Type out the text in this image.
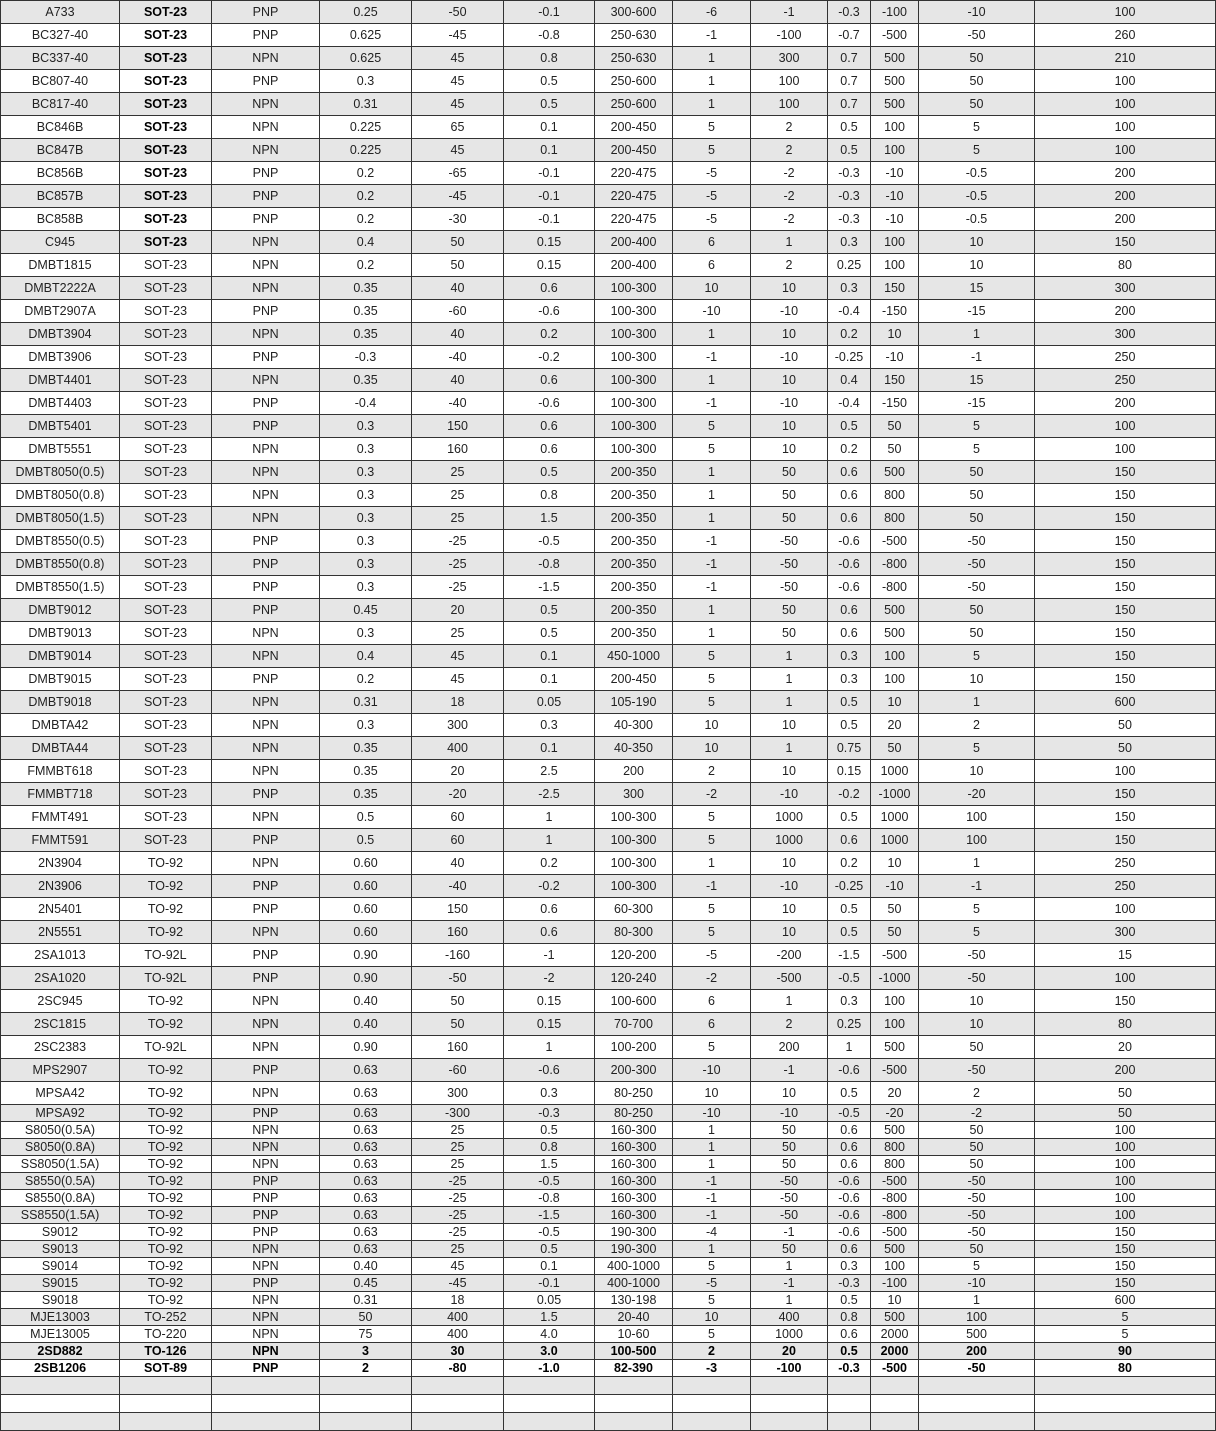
A733	SOT-23	PNP	0.25	-50	-0.1	300-600	-6	-1	-0.3	-100	-10	100
BC327-40	SOT-23	PNP	0.625	-45	-0.8	250-630	-1	-100	-0.7	-500	-50	260
BC337-40	SOT-23	NPN	0.625	45	0.8	250-630	1	300	0.7	500	50	210
BC807-40	SOT-23	PNP	0.3	45	0.5	250-600	1	100	0.7	500	50	100
BC817-40	SOT-23	NPN	0.31	45	0.5	250-600	1	100	0.7	500	50	100
BC846B	SOT-23	NPN	0.225	65	0.1	200-450	5	2	0.5	100	5	100
BC847B	SOT-23	NPN	0.225	45	0.1	200-450	5	2	0.5	100	5	100
BC856B	SOT-23	PNP	0.2	-65	-0.1	220-475	-5	-2	-0.3	-10	-0.5	200
BC857B	SOT-23	PNP	0.2	-45	-0.1	220-475	-5	-2	-0.3	-10	-0.5	200
BC858B	SOT-23	PNP	0.2	-30	-0.1	220-475	-5	-2	-0.3	-10	-0.5	200
C945	SOT-23	NPN	0.4	50	0.15	200-400	6	1	0.3	100	10	150
DMBT1815	SOT-23	NPN	0.2	50	0.15	200-400	6	2	0.25	100	10	80
DMBT2222A	SOT-23	NPN	0.35	40	0.6	100-300	10	10	0.3	150	15	300
DMBT2907A	SOT-23	PNP	0.35	-60	-0.6	100-300	-10	-10	-0.4	-150	-15	200
DMBT3904	SOT-23	NPN	0.35	40	0.2	100-300	1	10	0.2	10	1	300
DMBT3906	SOT-23	PNP	-0.3	-40	-0.2	100-300	-1	-10	-0.25	-10	-1	250
DMBT4401	SOT-23	NPN	0.35	40	0.6	100-300	1	10	0.4	150	15	250
DMBT4403	SOT-23	PNP	-0.4	-40	-0.6	100-300	-1	-10	-0.4	-150	-15	200
DMBT5401	SOT-23	PNP	0.3	150	0.6	100-300	5	10	0.5	50	5	100
DMBT5551	SOT-23	NPN	0.3	160	0.6	100-300	5	10	0.2	50	5	100
DMBT8050(0.5)	SOT-23	NPN	0.3	25	0.5	200-350	1	50	0.6	500	50	150
DMBT8050(0.8)	SOT-23	NPN	0.3	25	0.8	200-350	1	50	0.6	800	50	150
DMBT8050(1.5)	SOT-23	NPN	0.3	25	1.5	200-350	1	50	0.6	800	50	150
DMBT8550(0.5)	SOT-23	PNP	0.3	-25	-0.5	200-350	-1	-50	-0.6	-500	-50	150
DMBT8550(0.8)	SOT-23	PNP	0.3	-25	-0.8	200-350	-1	-50	-0.6	-800	-50	150
DMBT8550(1.5)	SOT-23	PNP	0.3	-25	-1.5	200-350	-1	-50	-0.6	-800	-50	150
DMBT9012	SOT-23	PNP	0.45	20	0.5	200-350	1	50	0.6	500	50	150
DMBT9013	SOT-23	NPN	0.3	25	0.5	200-350	1	50	0.6	500	50	150
DMBT9014	SOT-23	NPN	0.4	45	0.1	450-1000	5	1	0.3	100	5	150
DMBT9015	SOT-23	PNP	0.2	45	0.1	200-450	5	1	0.3	100	10	150
DMBT9018	SOT-23	NPN	0.31	18	0.05	105-190	5	1	0.5	10	1	600
DMBTA42	SOT-23	NPN	0.3	300	0.3	40-300	10	10	0.5	20	2	50
DMBTA44	SOT-23	NPN	0.35	400	0.1	40-350	10	1	0.75	50	5	50
FMMBT618	SOT-23	NPN	0.35	20	2.5	200	2	10	0.15	1000	10	100
FMMBT718	SOT-23	PNP	0.35	-20	-2.5	300	-2	-10	-0.2	-1000	-20	150
FMMT491	SOT-23	NPN	0.5	60	1	100-300	5	1000	0.5	1000	100	150
FMMT591	SOT-23	PNP	0.5	60	1	100-300	5	1000	0.6	1000	100	150
2N3904	TO-92	NPN	0.60	40	0.2	100-300	1	10	0.2	10	1	250
2N3906	TO-92	PNP	0.60	-40	-0.2	100-300	-1	-10	-0.25	-10	-1	250
2N5401	TO-92	PNP	0.60	150	0.6	60-300	5	10	0.5	50	5	100
2N5551	TO-92	NPN	0.60	160	0.6	80-300	5	10	0.5	50	5	300
2SA1013	TO-92L	PNP	0.90	-160	-1	120-200	-5	-200	-1.5	-500	-50	15
2SA1020	TO-92L	PNP	0.90	-50	-2	120-240	-2	-500	-0.5	-1000	-50	100
2SC945	TO-92	NPN	0.40	50	0.15	100-600	6	1	0.3	100	10	150
2SC1815	TO-92	NPN	0.40	50	0.15	70-700	6	2	0.25	100	10	80
2SC2383	TO-92L	NPN	0.90	160	1	100-200	5	200	1	500	50	20
MPS2907	TO-92	PNP	0.63	-60	-0.6	200-300	-10	-1	-0.6	-500	-50	200
MPSA42	TO-92	NPN	0.63	300	0.3	80-250	10	10	0.5	20	2	50
MPSA92	TO-92	PNP	0.63	-300	-0.3	80-250	-10	-10	-0.5	-20	-2	50
S8050(0.5A)	TO-92	NPN	0.63	25	0.5	160-300	1	50	0.6	500	50	100
S8050(0.8A)	TO-92	NPN	0.63	25	0.8	160-300	1	50	0.6	800	50	100
SS8050(1.5A)	TO-92	NPN	0.63	25	1.5	160-300	1	50	0.6	800	50	100
S8550(0.5A)	TO-92	PNP	0.63	-25	-0.5	160-300	-1	-50	-0.6	-500	-50	100
S8550(0.8A)	TO-92	PNP	0.63	-25	-0.8	160-300	-1	-50	-0.6	-800	-50	100
SS8550(1.5A)	TO-92	PNP	0.63	-25	-1.5	160-300	-1	-50	-0.6	-800	-50	100
S9012	TO-92	PNP	0.63	-25	-0.5	190-300	-4	-1	-0.6	-500	-50	150
S9013	TO-92	NPN	0.63	25	0.5	190-300	1	50	0.6	500	50	150
S9014	TO-92	NPN	0.40	45	0.1	400-1000	5	1	0.3	100	5	150
S9015	TO-92	PNP	0.45	-45	-0.1	400-1000	-5	-1	-0.3	-100	-10	150
S9018	TO-92	NPN	0.31	18	0.05	130-198	5	1	0.5	10	1	600
MJE13003	TO-252	NPN	50	400	1.5	20-40	10	400	0.8	500	100	5
MJE13005	TO-220	NPN	75	400	4.0	10-60	5	1000	0.6	2000	500	5
2SD882	TO-126	NPN	3	30	3.0	100-500	2	20	0.5	2000	200	90
2SB1206	SOT-89	PNP	2	-80	-1.0	82-390	-3	-100	-0.3	-500	-50	80
